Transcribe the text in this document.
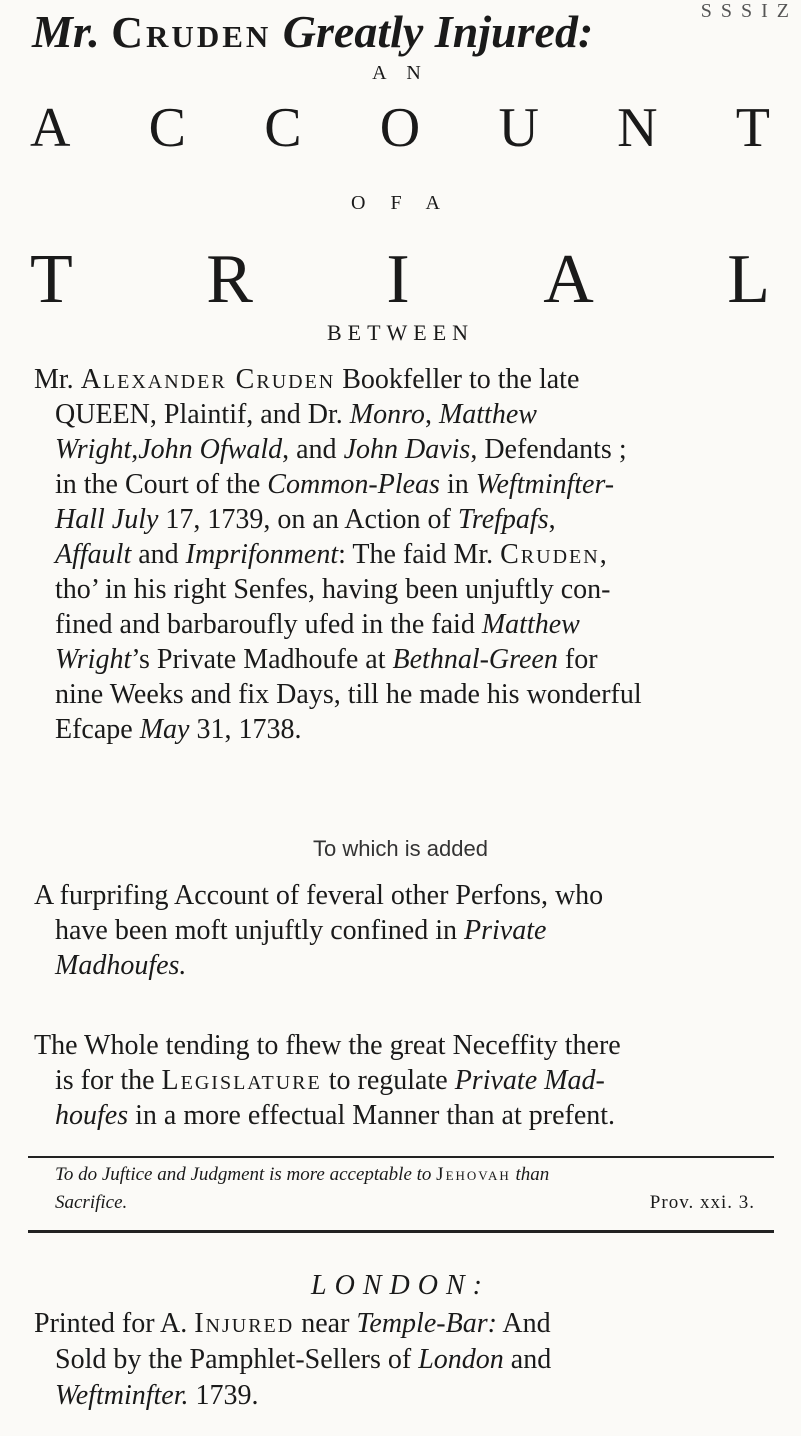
S S S I Z
Mr. Cruden Greatly Injured:
A N
A C C O U N T
O F A
T R I A L
BETWEEN
Mr. Alexander Cruden Bookfeller to the late
QUEEN, Plaintif, and Dr. Monro, Matthew
Wright,John Ofwald, and John Davis, Defendants ;
in the Court of the Common-Pleas in Weftminfter-
Hall July 17, 1739, on an Action of Trefpafs,
Affault and Imprifonment: The faid Mr. Cruden,
tho’ in his right Senfes, having been unjuftly con-
fined and barbaroufly ufed in the faid Matthew
Wright’s Private Madhoufe at Bethnal-Green for
nine Weeks and fix Days, till he made his wonderful
Efcape May 31, 1738.
To which is added
A furprifing Account of feveral other Perfons, who
have been moft unjuftly confined in Private
Madhoufes.
The Whole tending to fhew the great Neceffity there
is for the Legislature to regulate Private Mad-
houfes in a more effectual Manner than at prefent.
To do Juftice and Judgment is more acceptable to Jehovah than
Sacrifice.	Prov. xxi. 3.
LONDON:
Printed for A. Injured near Temple-Bar: And
Sold by the Pamphlet-Sellers of London and
Weftminfter. 1739.
